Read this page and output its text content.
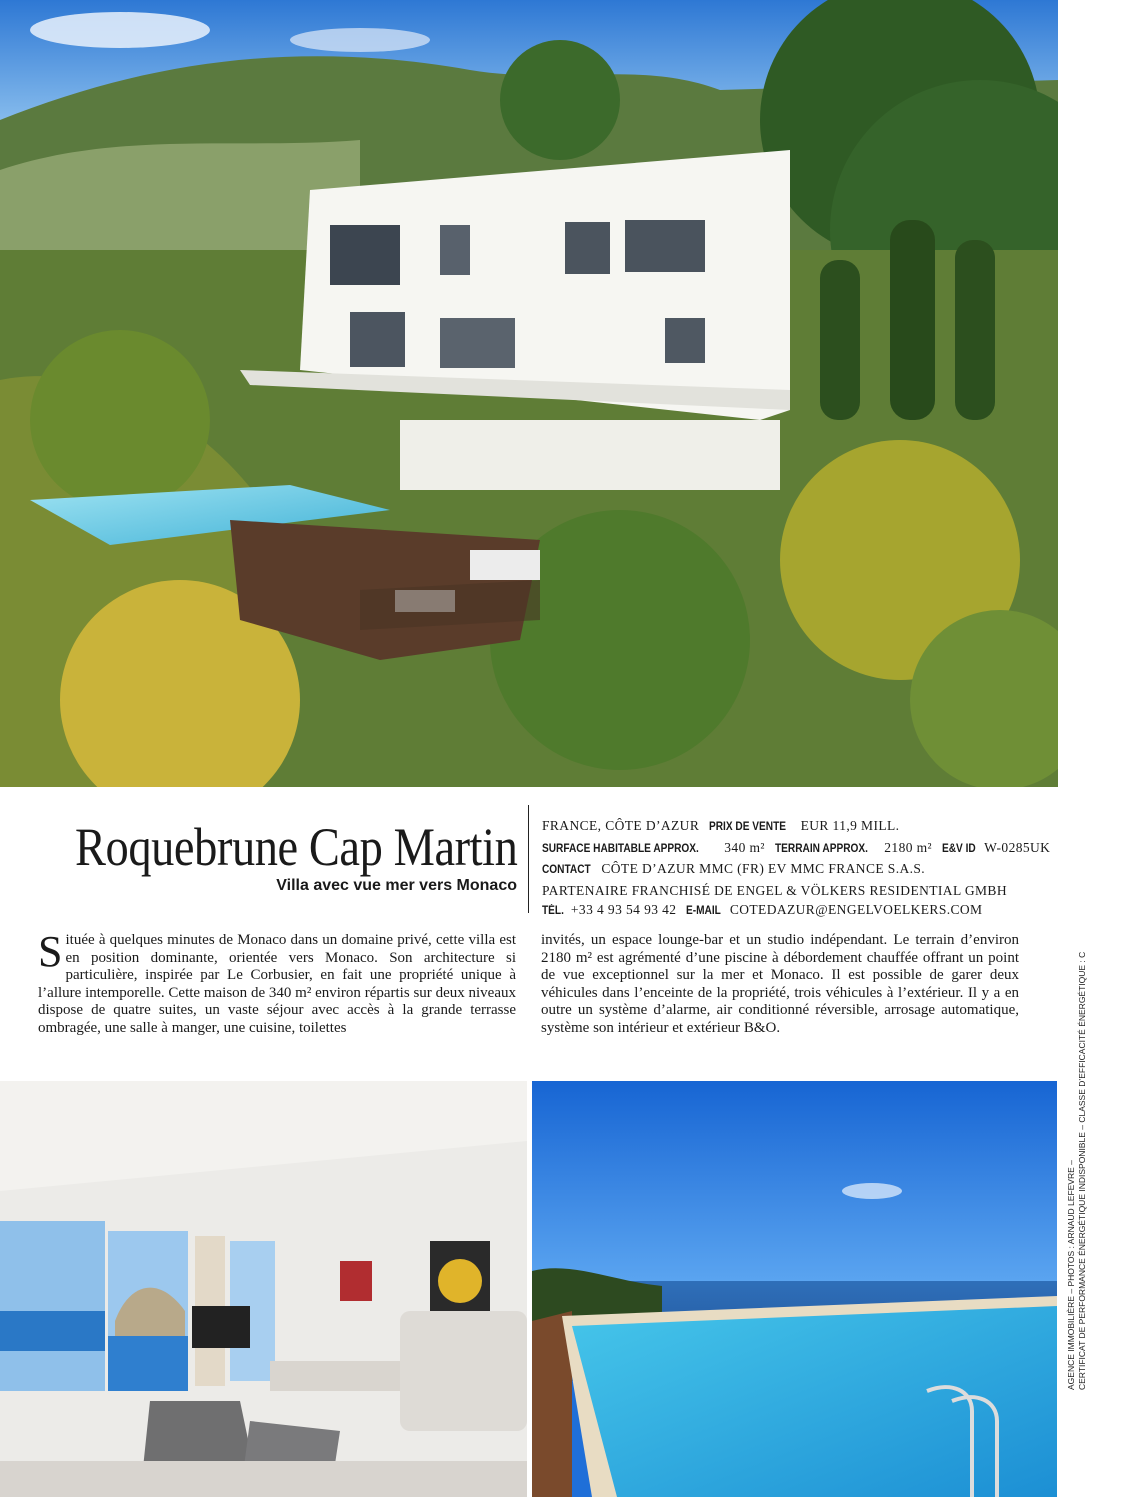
Roquebrune Cap Martin
Villa avec vue mer vers Monaco
FRANCE, CÔTE D’AZUR PRIX DE VENTE EUR 11,9 MILL.
SURFACE HABITABLE APPROX. 340 m² TERRAIN APPROX. 2180 m² E&V ID W-0285UK
CONTACT CÔTE D’AZUR MMC (FR) EV MMC FRANCE S.A.S.
PARTENAIRE FRANCHISÉ DE ENGEL & VÖLKERS RESIDENTIAL GMBH
TÉL. +33 4 93 54 93 42 E-MAIL COTEDAZUR@ENGELVOELKERS.COM
Située à quelques minutes de Monaco dans un domaine privé, cette villa est en position dominante, orientée vers Monaco. Son architecture si particulière, inspirée par Le Corbusier, en fait une propriété unique à l’allure intemporelle. Cette maison de 340 m² environ répartis sur deux niveaux dispose de quatre suites, un vaste séjour avec accès à la grande terrasse ombragée, une salle à manger, une cuisine, toilettes
invités, un espace lounge-bar et un studio indépendant. Le terrain d’environ 2180 m² est agrémenté d’une piscine à débordement chauffée offrant un point de vue exceptionnel sur la mer et Monaco. Il est possible de garer deux véhicules dans l’enceinte de la propriété, trois véhicules à l’extérieur. Il y a en outre un système d’alarme, air conditionné réversible, arrosage automatique, système son intérieur et extérieur B&O.
AGENCE IMMOBILIÈRE – PHOTOS : ARNAUD LEFEVRE – CERTIFICAT DE PERFORMANCE ÉNERGÉTIQUE INDISPONIBLE – CLASSE D’EFFICACITÉ ÉNERGÉTIQUE : C
